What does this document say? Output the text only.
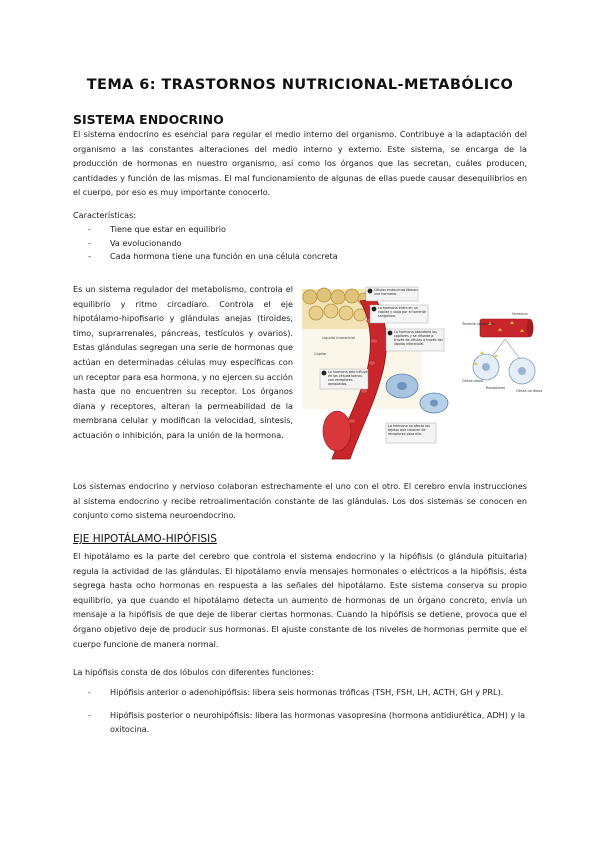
TEMA 6: TRASTORNOS NUTRICIONAL-METABÓLICO
SISTEMA ENDOCRINO

El sistema endocrino es esencial para regular el medio interno del organismo. Contribuye a la adaptación del organismo a las constantes alteraciones del medio interno y externo. Este sistema, se encarga de la producción de hormonas en nuestro organismo, así como los órganos que las secretan, cuáles producen, cantidades y función de las mismas. El mal funcionamiento de algunas de ellas puede causar desequilibrios en el cuerpo, por eso es muy importante conocerlo.

Características:

- Tiene que estar en equilibrio
- Va evolucionando
- Cada hormona tiene una función en una célula concreta

Es un sistema regulador del metabolismo, controla el equilibrio y ritmo circadiaro. Controla el eje hipotálamo-hipofisario y glándulas anejas (tiroides, timo, suprarrenales, páncreas, testículos y ovarios). Estas glándulas segregan una serie de hormonas que actúan en determinadas células muy específicas con un receptor para esa hormona, y no ejercen su acción hasta que no encuentren su receptor. Los órganos diana y receptores, alteran la permeabilidad de la membrana celular y modifican la velocidad, síntesis, actuación o inhibición, para la unión de la hormona.

Líquido intersticial
Capilar
Células endocrinas liberan una hormona.
La hormona entra en un capilar y viaja por el torrente sanguíneo.
La hormona abandona los capilares y se difunde a través de células a través del líquido intersticial.
La hormona solo influye en las células blanco con receptores apropiados.
La hormona no afecta las tejidos que carecen de receptores para ella.
Hormona
Torrente sanguíneo
Célula diana
Célula no diana
Receptores

Los sistemas endocrino y nervioso colaboran estrechamente el uno con el otro. El cerebro envía instrucciones al sistema endocrino y recibe retroalimentación constante de las glándulas. Los dos sistemas se conocen en conjunto como sistema neuroendocrino.

EJE HIPOTÁLAMO-HIPÓFISIS

El hipotálamo es la parte del cerebro que controla el sistema endocrino y la hipófisis (o glándula pituitaria) regula la actividad de las glándulas. El hipotálamo envía mensajes hormonales o eléctricos a la hipófisis, ésta segrega hasta ocho hormonas en respuesta a las señales del hipotálamo. Este sistema conserva su propio equilibrio, ya que cuando el hipotálamo detecta un aumento de hormonas de un órgano concreto, envía un mensaje a la hipófisis de que deje de liberar ciertas hormonas. Cuando la hipófisis se detiene, provoca que el órgano objetivo deje de producir sus hormonas. El ajuste constante de los niveles de hormonas permite que el cuerpo funcione de manera normal.

La hipófisis consta de dos lóbulos con diferentes funciones:

- Hipófisis anterior o adenohipófisis: libera seis hormonas tróficas (TSH, FSH, LH, ACTH, GH y PRL).
- Hipófisis posterior o neurohipófisis: libera las hormonas vasopresina (hormona antidiurética, ADH) y la oxitocina.
